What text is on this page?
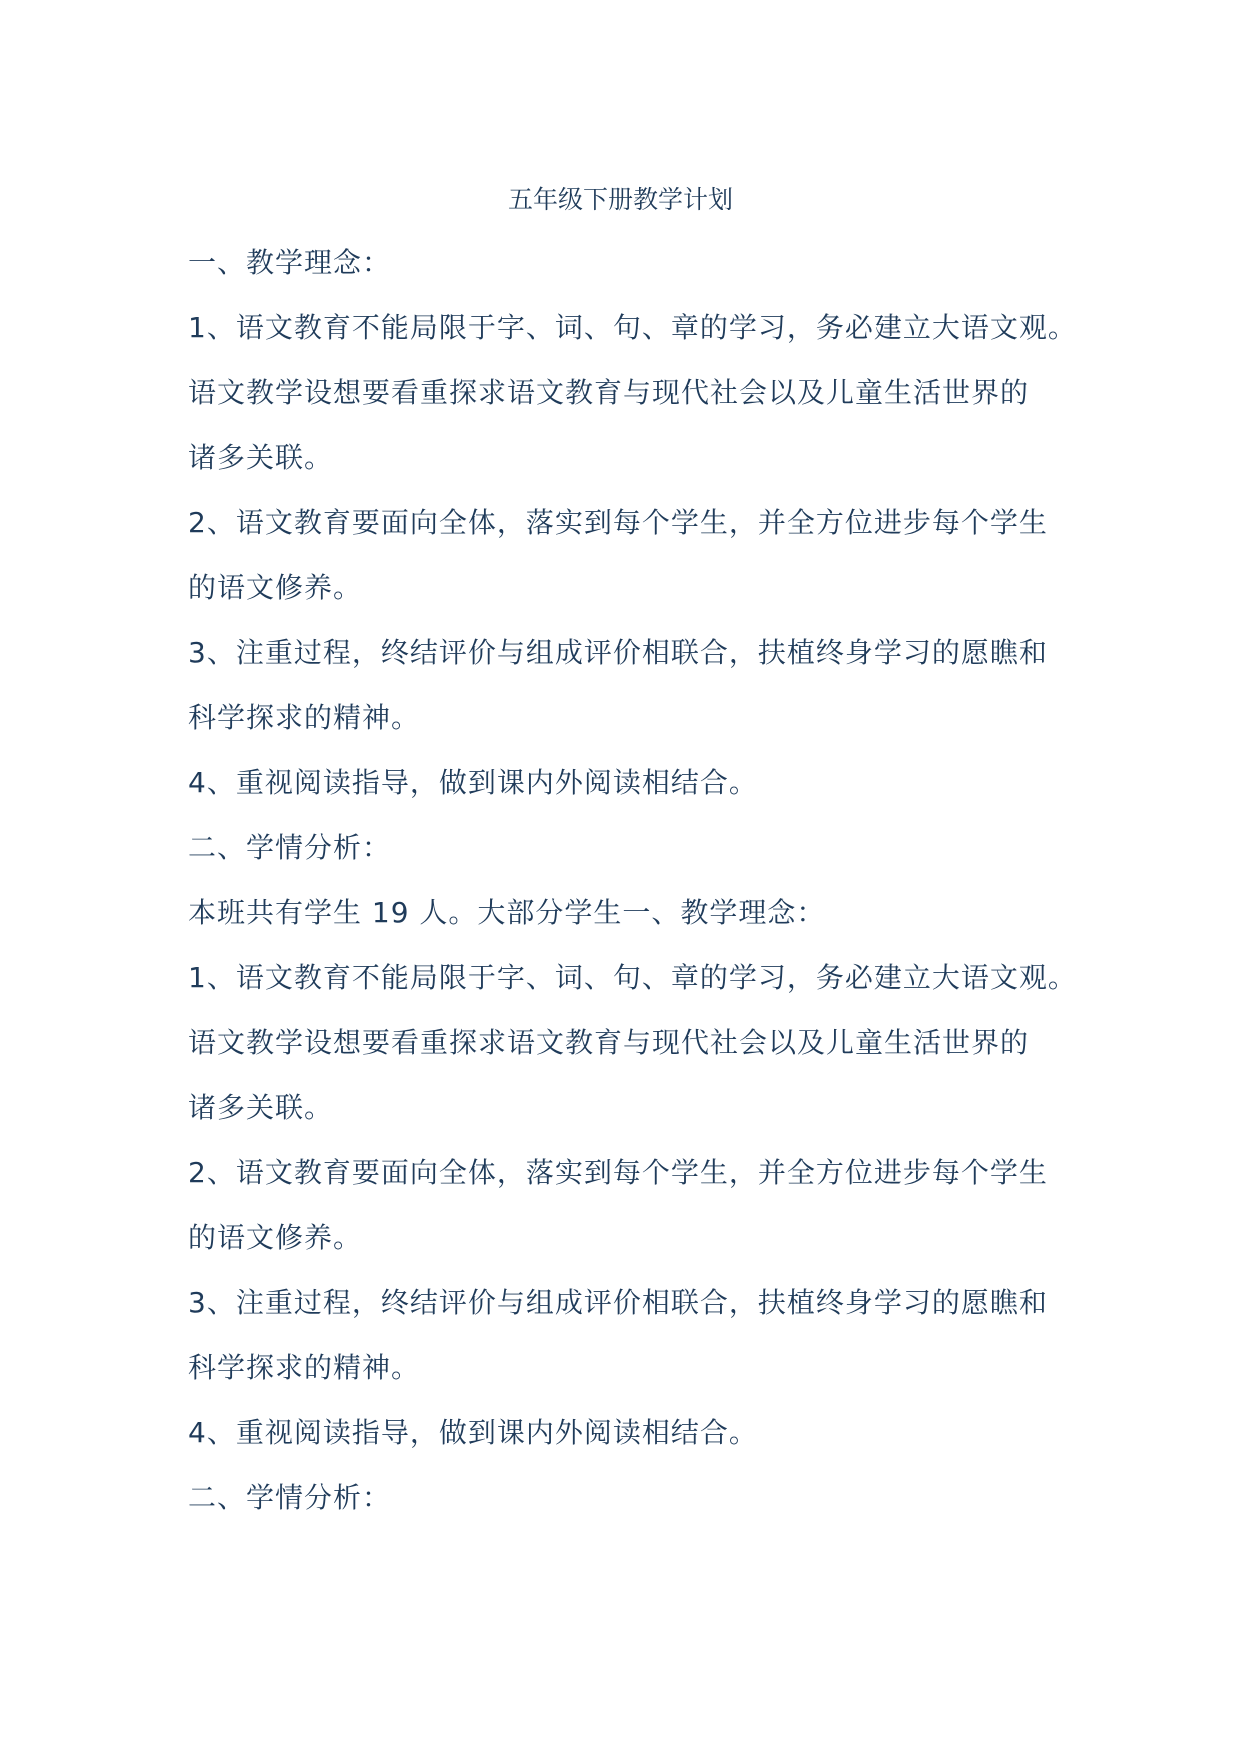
五年级下册教学计划
一、教学理念：
1、语文教育不能局限于字、词、句、章的学习，务必建立大语文观。
语文教学设想要看重探求语文教育与现代社会以及儿童生活世界的
诸多关联。
2、语文教育要面向全体，落实到每个学生，并全方位进步每个学生
的语文修养。
3、注重过程，终结评价与组成评价相联合，扶植终身学习的愿瞧和
科学探求的精神。
4、重视阅读指导，做到课内外阅读相结合。
二、学情分析：
本班共有学生 19 人。大部分学生一、教学理念：
1、语文教育不能局限于字、词、句、章的学习，务必建立大语文观。
语文教学设想要看重探求语文教育与现代社会以及儿童生活世界的
诸多关联。
2、语文教育要面向全体，落实到每个学生，并全方位进步每个学生
的语文修养。
3、注重过程，终结评价与组成评价相联合，扶植终身学习的愿瞧和
科学探求的精神。
4、重视阅读指导，做到课内外阅读相结合。
二、学情分析：
